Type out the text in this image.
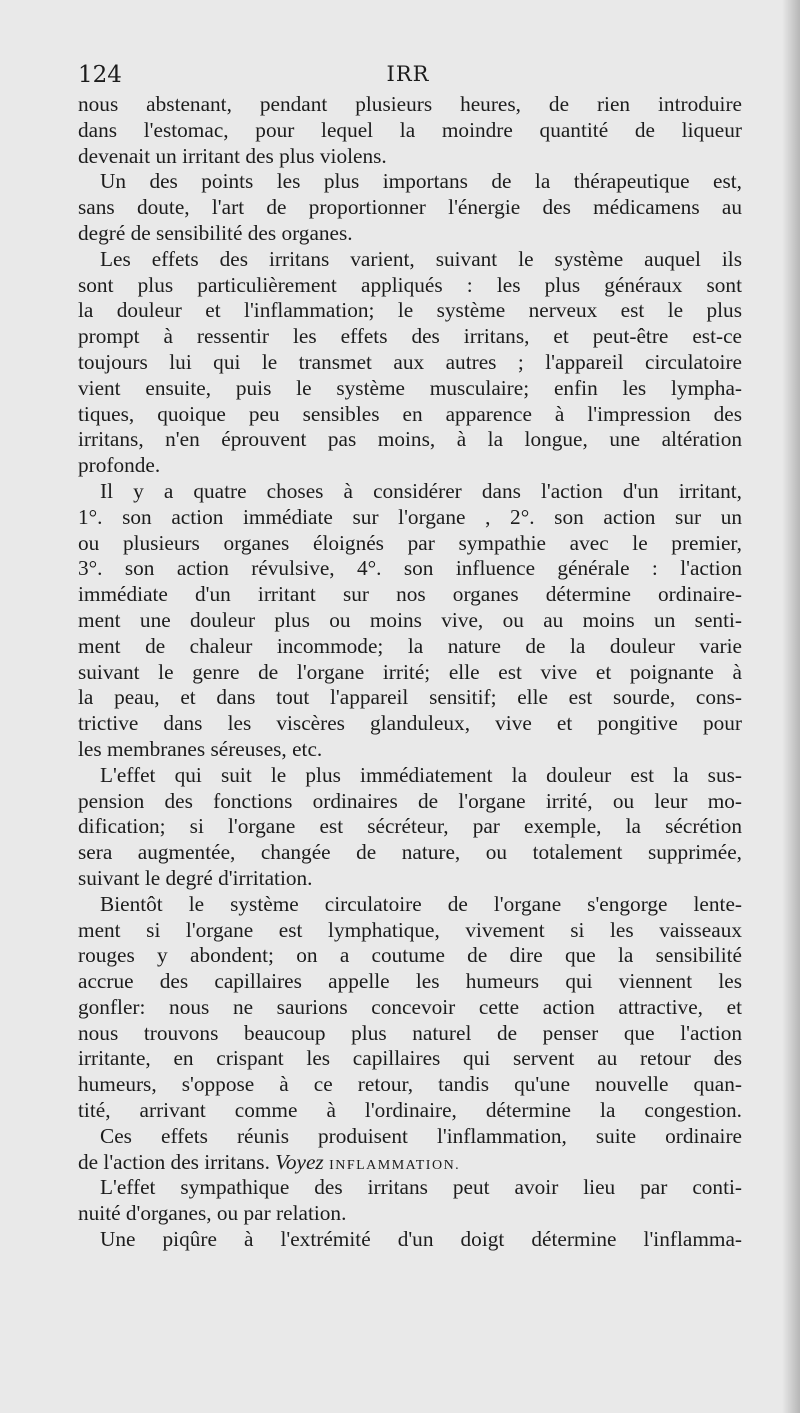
124	IRR
nous abstenant, pendant plusieurs heures, de rien introduire
dans l'estomac, pour lequel la moindre quantité de liqueur
devenait un irritant des plus violens.
Un des points les plus importans de la thérapeutique est,
sans doute, l'art de proportionner l'énergie des médicamens au
degré de sensibilité des organes.
Les effets des irritans varient, suivant le système auquel ils
sont plus particulièrement appliqués : les plus généraux sont
la douleur et l'inflammation; le système nerveux est le plus
prompt à ressentir les effets des irritans, et peut-être est-ce
toujours lui qui le transmet aux autres ; l'appareil circulatoire
vient ensuite, puis le système musculaire; enfin les lympha-
tiques, quoique peu sensibles en apparence à l'impression des
irritans, n'en éprouvent pas moins, à la longue, une altération
profonde.
Il y a quatre choses à considérer dans l'action d'un irritant,
1°. son action immédiate sur l'organe , 2°. son action sur un
ou plusieurs organes éloignés par sympathie avec le premier,
3°. son action révulsive, 4°. son influence générale : l'action
immédiate d'un irritant sur nos organes détermine ordinaire-
ment une douleur plus ou moins vive, ou au moins un senti-
ment de chaleur incommode; la nature de la douleur varie
suivant le genre de l'organe irrité; elle est vive et poignante à
la peau, et dans tout l'appareil sensitif; elle est sourde, cons-
trictive dans les viscères glanduleux, vive et pongitive pour
les membranes séreuses, etc.
L'effet qui suit le plus immédiatement la douleur est la sus-
pension des fonctions ordinaires de l'organe irrité, ou leur mo-
dification; si l'organe est sécréteur, par exemple, la sécrétion
sera augmentée, changée de nature, ou totalement supprimée,
suivant le degré d'irritation.
Bientôt le système circulatoire de l'organe s'engorge lente-
ment si l'organe est lymphatique, vivement si les vaisseaux
rouges y abondent; on a coutume de dire que la sensibilité
accrue des capillaires appelle les humeurs qui viennent les
gonfler: nous ne saurions concevoir cette action attractive, et
nous trouvons beaucoup plus naturel de penser que l'action
irritante, en crispant les capillaires qui servent au retour des
humeurs, s'oppose à ce retour, tandis qu'une nouvelle quan-
tité, arrivant comme à l'ordinaire, détermine la congestion.
Ces effets réunis produisent l'inflammation, suite ordinaire
de l'action des irritans. Voyez INFLAMMATION.
L'effet sympathique des irritans peut avoir lieu par conti-
nuité d'organes, ou par relation.
Une piqûre à l'extrémité d'un doigt détermine l'inflamma-
